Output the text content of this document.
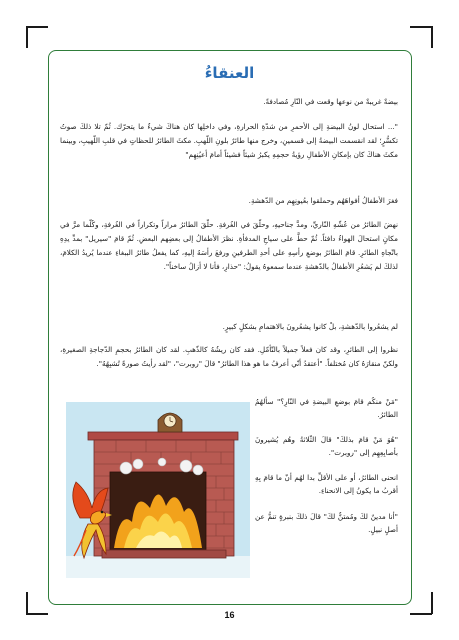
العنقاءُ

بيضةٌ غريبةٌ من نوعها وقعت في النّارِ مُصادفةً.

"... استحال لونُ البيضةِ إلى الأحمرِ من شدّةِ الحرارةِ، وفي داخلِها كان هناكَ شيءٌ ما يتحرّك. ثُمّ تلا ذلكَ صوتُ تكسُّرٍ؛ لقد انقسمت البيضةُ إلى قسمينِ، وخرج منها طائرٌ بلونِ اللّهبِ. مكثَ الطائرُ للحظاتٍ في قلبِ اللّهيبِ، وبينما مكثَ هناكَ كان بإمكانِ الأطفالِ رؤيةُ حجمِهِ يكبرُ شيئاً فشيئاً أمامَ أعيُنِهِم"

فغرَ الأطفالُ أفواهَهُم وحملقوا بعُيونِهِم من الدّهشةِ.

نهضَ الطائرُ من عُشّهِ النّاريِّ، ومدَّ جناحيهِ، وحلّقَ في الغُرفةِ. حلّقَ الطائرُ مراراً وتكراراً في الغُرفةِ، وكُلّما مرَّ في مكانٍ استحالَ الهواءُ دافئاً. ثُمّ حطَّ على سياجِ المدفأةِ. نظرَ الأطفالُ إلى بعضِهم البعضِ. ثُمّ قامَ "سيريل" بمدِّ يدِهِ باتّجاهِ الطائرِ. قامَ الطائرُ بوضعِ رأسِهِ على أحدِ الطرفينِ ورفعَ رأسَهُ إليهِ، كما يفعلُ طائرُ الببغاءِ عندما يُريدُ الكلامَ، لذلكَ لم يَشعُرِ الأطفالُ بالدّهشةِ عندما سمعوهُ يقولُ: "حذارِ، فأنا لا أزالُ ساخناً".

لم يشعُروا بالدّهشةِ، بلْ كانوا يشعُرونَ بالاهتمامِ بشكلٍ كبيرٍ.

نظروا إلى الطائرِ، وقد كان فعلاً جميلاً بالتّأمّلِ. فقد كان ريشُهُ كالذّهبِ. لقد كان الطائرُ بحجمِ الدّجاجةِ الصغيرةِ، ولكنّ منقارَهُ كان مُختلفاً. "أعتقدُ أنّي أعرفُ ما هو هذا الطائرُ" قالَ "روبرت"، "لقد رأيتُ صورةً تُشبِهُهُ".

"مَنْ منكُم قامَ بوضعِ البيضةِ في النّارِ؟" سألهُمُ الطائرُ.

"هُوَ مَنْ قامَ بذلكَ" قالَ الثّلاثةُ وهُم يُشيرونَ بأصابِعِهِم إلى "روبرت".

انحنى الطائرُ، أو على الأقلِّ بدا لهُم أنّ ما قامَ بِهِ أقربُ ما يكونُ إلى الانحناءِ.

"أنا مدينٌ لكَ ومُمتنٌّ لكَ" قالَ ذلكَ بنبرةٍ تنمُّ عن أصلٍ نبيلٍ.

16
